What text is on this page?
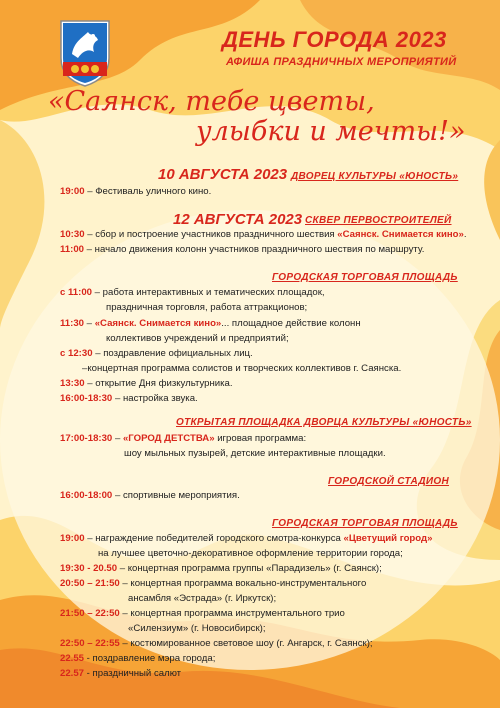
ДЕНЬ ГОРОДА 2023
АФИША ПРАЗДНИЧНЫХ МЕРОПРИЯТИЙ
«Саянск, тебе цветы,
улыбки и мечты!»
10 АВГУСТА 2023 ДВОРЕЦ КУЛЬТУРЫ «ЮНОСТЬ»
19:00 – Фестиваль уличного кино.
12 АВГУСТА 2023 СКВЕР ПЕРВОСТРОИТЕЛЕЙ
10:30 – сбор и построение участников праздничного шествия «Саянск. Снимается кино».
11:00 – начало движения колонн участников праздничного шествия по маршруту.
ГОРОДСКАЯ ТОРГОВАЯ ПЛОЩАДЬ
с 11:00 – работа интерактивных и тематических площадок,
праздничная торговля, работа аттракционов;
11:30 – «Саянск. Снимается кино»... площадное действие колонн
коллективов учреждений и предприятий;
с 12:30 – поздравление официальных лиц.
–концертная программа солистов и творческих коллективов г. Саянска.
13:30 – открытие Дня физкультурника.
16:00-18:30 – настройка звука.
ОТКРЫТАЯ ПЛОЩАДКА ДВОРЦА КУЛЬТУРЫ «ЮНОСТЬ»
17:00-18:30 – «ГОРОД ДЕТСТВА» игровая программа:
шоу мыльных пузырей, детские интерактивные площадки.
ГОРОДСКОЙ СТАДИОН
16:00-18:00 – спортивные мероприятия.
ГОРОДСКАЯ ТОРГОВАЯ ПЛОЩАДЬ
19:00 – награждение победителей городского смотра-конкурса «Цветущий город»
на лучшее цветочно-декоративное оформление территории города;
19:30 - 20.50 – концертная программа группы «Парадизель» (г. Саянск);
20:50 – 21:50 – концертная программа вокально-инструментального
ансамбля «Эстрада» (г. Иркутск);
21:50 – 22:50 – концертная программа инструментального трио
«Силензиум» (г. Новосибирск);
22:50 – 22:55 – костюмированное световое шоу (г. Ангарск, г. Саянск);
22.55 - поздравление мэра города;
22.57 - праздничный салют
